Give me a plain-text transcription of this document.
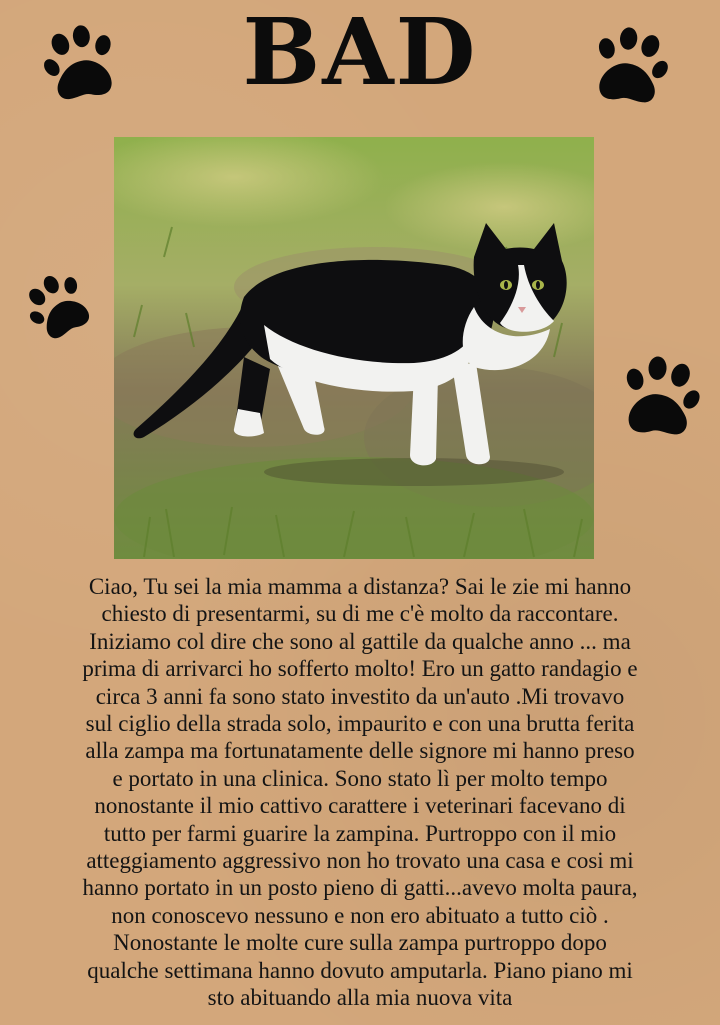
BAD

Ciao, Tu sei la mia mamma a distanza? Sai le zie mi hanno
chiesto di presentarmi, su di me c'è molto da raccontare.
Iniziamo col dire che sono al gattile da qualche anno ... ma
prima di arrivarci ho sofferto molto! Ero un gatto randagio e
circa 3 anni fa sono stato investito da un'auto .Mi trovavo
sul ciglio della strada solo, impaurito e con una brutta ferita
alla zampa ma fortunatamente delle signore mi hanno preso
e portato in una clinica. Sono stato lì per molto tempo
nonostante il mio cattivo carattere i veterinari facevano di
tutto per farmi guarire la zampina. Purtroppo con il mio
atteggiamento aggressivo non ho trovato una casa e cosi mi
hanno portato in un posto pieno di gatti...avevo molta paura,
non conoscevo nessuno e non ero abituato a tutto ciò .
Nonostante le molte cure sulla zampa purtroppo dopo
qualche settimana hanno dovuto amputarla. Piano piano mi
sto abituando alla mia nuova vita
